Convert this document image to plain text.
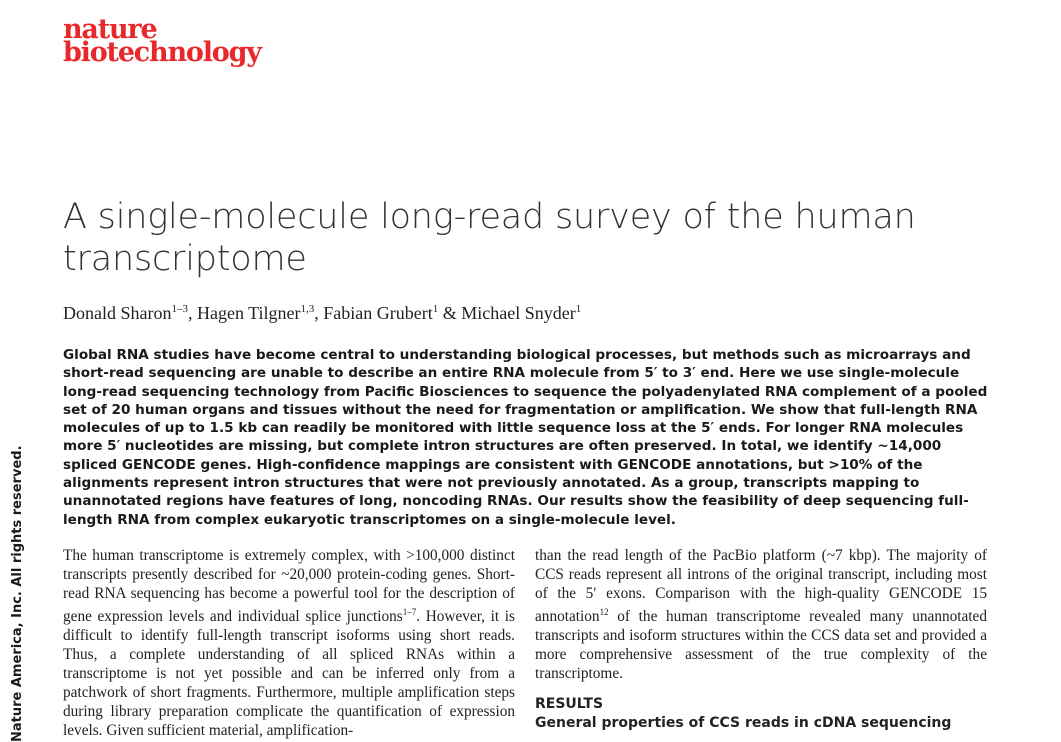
nature
biotechnology
A single-molecule long-read survey of the human transcriptome
Donald Sharon$^{1-3}$, Hagen Tilgner$^{1,3}$, Fabian Grubert$^1$ & Michael Snyder$^1$
Global RNA studies have become central to understanding biological processes, but methods such as microarrays and short-read sequencing are unable to describe an entire RNA molecule from 5′ to 3′ end. Here we use single-molecule long-read sequencing technology from Pacific Biosciences to sequence the polyadenylated RNA complement of a pooled set of 20 human organs and tissues without the need for fragmentation or amplification. We show that full-length RNA molecules of up to 1.5 kb can readily be monitored with little sequence loss at the 5′ ends. For longer RNA molecules more 5′ nucleotides are missing, but complete intron structures are often preserved. In total, we identify ~14,000 spliced GENCODE genes. High-confidence mappings are consistent with GENCODE annotations, but >10% of the alignments represent intron structures that were not previously annotated. As a group, transcripts mapping to unannotated regions have features of long, noncoding RNAs. Our results show the feasibility of deep sequencing full-length RNA from complex eukaryotic transcriptomes on a single-molecule level.

The human transcriptome is extremely complex, with >100,000 distinct transcripts presently described for ~20,000 protein-coding genes. Short-read RNA sequencing has become a powerful tool for the description of gene expression levels and individual splice junctions$^{1-7}$. However, it is difficult to identify full-length transcript isoforms using short reads. Thus, a complete understanding of all spliced RNAs within a transcriptome is not yet possible and can be inferred only from a patchwork of short fragments. Furthermore, multiple amplification steps during library preparation complicate the quantification of expression levels. Given sufficient material, amplification-

than the read length of the PacBio platform (~7 kbp). The majority of CCS reads represent all introns of the original transcript, including most of the 5′ exons. Comparison with the high-quality GENCODE 15 annotation$^{12}$ of the human transcriptome revealed many unannotated transcripts and isoform structures within the CCS data set and provided a more comprehensive assessment of the true complexity of the transcriptome.

RESULTS

General properties of CCS reads in cDNA sequencing

Nature America, Inc. All rights reserved.
